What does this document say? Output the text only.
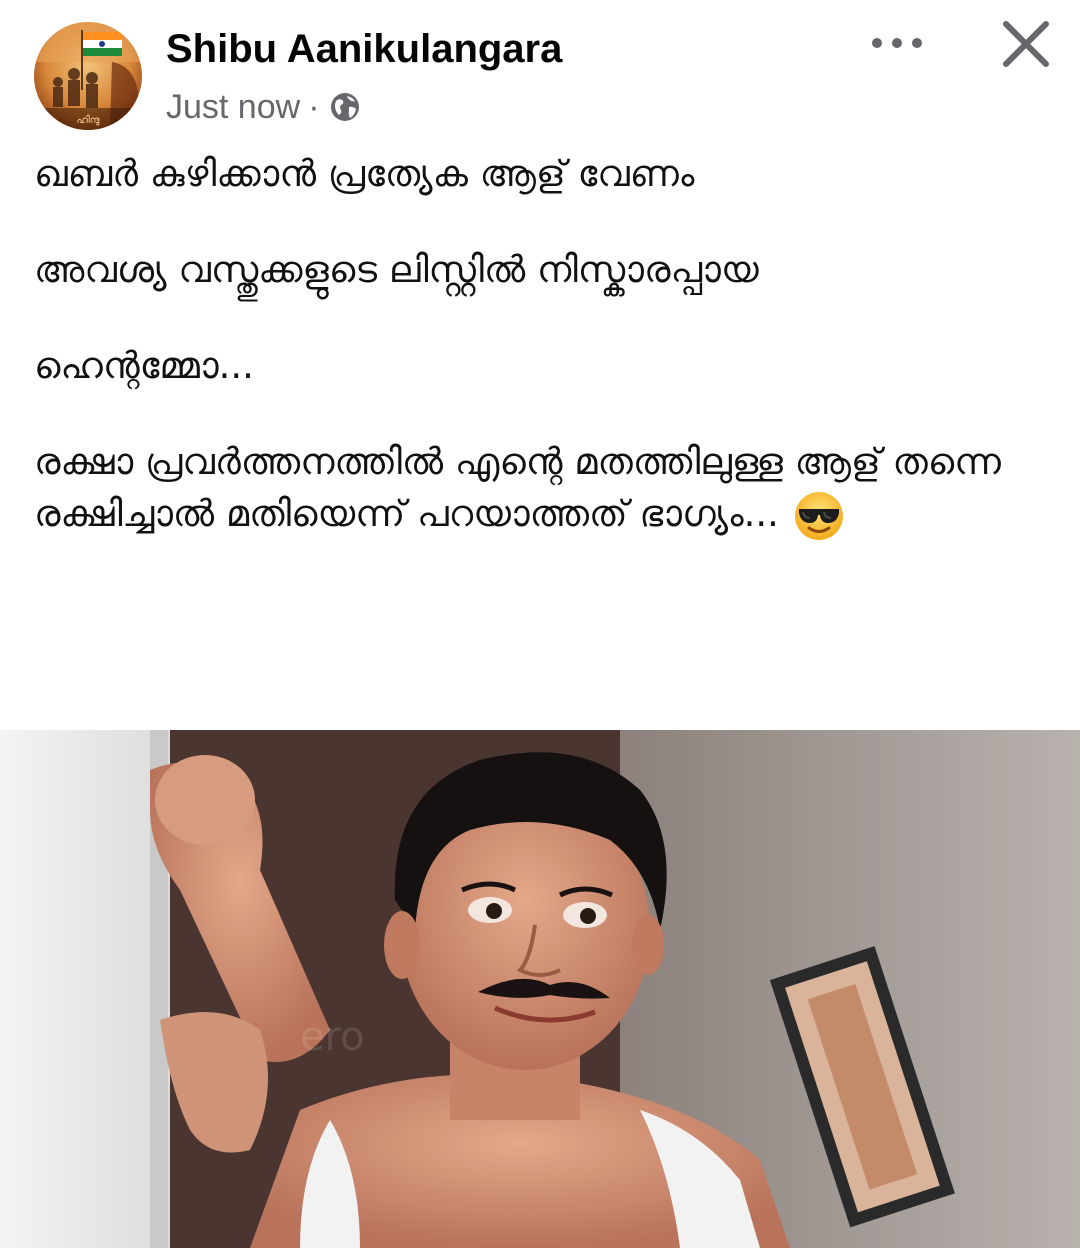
ഹിന്ദു
Shibu Aanikulangara
Just now ·

ഖബർ കുഴിക്കാൻ പ്രത്യേക ആള് വേണം

അവശ്യ വസ്തുക്കളുടെ ലിസ്റ്റിൽ നിസ്കാരപ്പായ

ഹെന്റമ്മോ...

രക്ഷാ പ്രവർത്തനത്തിൽ എന്റെ മതത്തിലുള്ള ആള് തന്നെ രക്ഷിച്ചാൽ മതിയെന്ന് പറയാത്തത് ഭാഗ്യം...

ero
